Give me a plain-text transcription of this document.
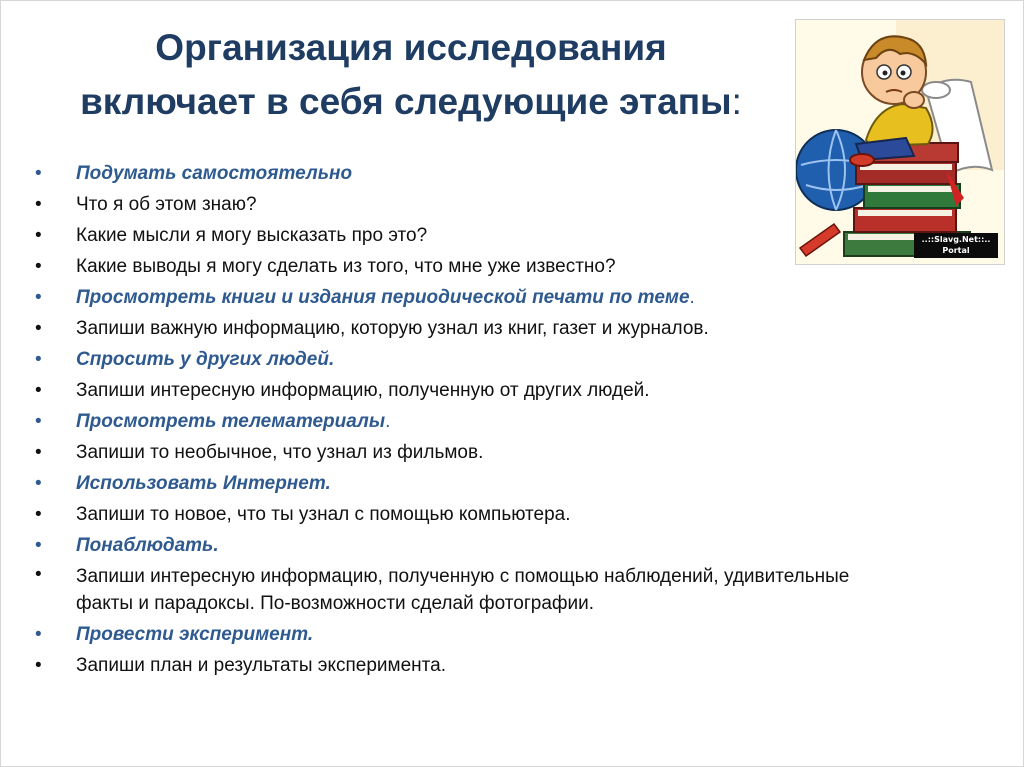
Организация исследования
включает в себя следующие этапы:
..::Slavg.Net::..
Portal
• Подумать самостоятельно
• Что я об этом знаю?
• Какие мысли я могу высказать про это?
• Какие выводы я могу сделать из того, что мне уже известно?
• Просмотреть книги и издания периодической печати по теме.
• Запиши важную информацию, которую узнал из книг, газет и журналов.
• Спросить у других людей.
• Запиши интересную информацию, полученную от других людей.
• Просмотреть телематериалы.
• Запиши то необычное, что узнал из фильмов.
• Использовать Интернет.
• Запиши то новое, что ты узнал с помощью компьютера.
• Понаблюдать.
• Запиши интересную информацию, полученную с помощью наблюдений, удивительные факты и парадоксы. По-возможности сделай фотографии.
• Провести эксперимент.
• Запиши план и результаты эксперимента.
